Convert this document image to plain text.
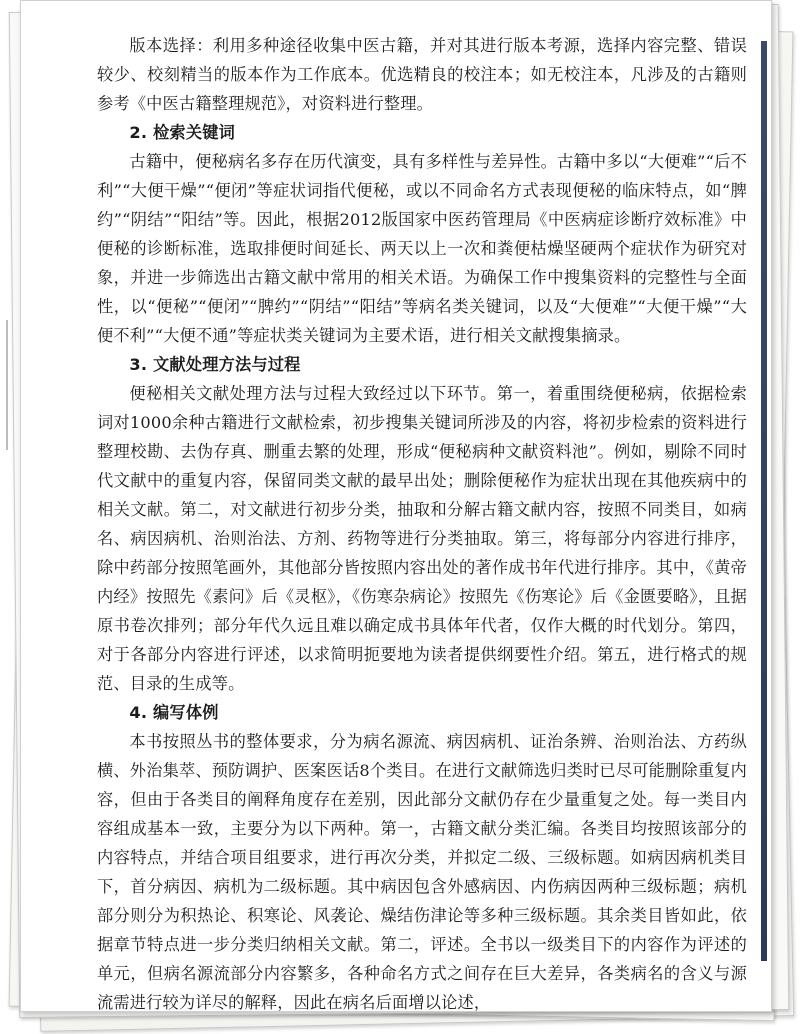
版本选择：利用多种途径收集中医古籍，并对其进行版本考源，选择内容完整、错误较少、校刻精当的版本作为工作底本。优选精良的校注本；如无校注本，凡涉及的古籍则参考《中医古籍整理规范》，对资料进行整理。

2. 检索关键词

古籍中，便秘病名多存在历代演变，具有多样性与差异性。古籍中多以“大便难”“后不利”“大便干燥”“便闭”等症状词指代便秘，或以不同命名方式表现便秘的临床特点，如“脾约”“阴结”“阳结”等。因此，根据2012版国家中医药管理局《中医病症诊断疗效标准》中便秘的诊断标准，选取排便时间延长、两天以上一次和粪便枯燥坚硬两个症状作为研究对象，并进一步筛选出古籍文献中常用的相关术语。为确保工作中搜集资料的完整性与全面性，以“便秘”“便闭”“脾约”“阴结”“阳结”等病名类关键词，以及“大便难”“大便干燥”“大便不利”“大便不通”等症状类关键词为主要术语，进行相关文献搜集摘录。

3. 文献处理方法与过程

便秘相关文献处理方法与过程大致经过以下环节。第一，着重围绕便秘病，依据检索词对1000余种古籍进行文献检索，初步搜集关键词所涉及的内容，将初步检索的资料进行整理校勘、去伪存真、删重去繁的处理，形成“便秘病种文献资料池”。例如，剔除不同时代文献中的重复内容，保留同类文献的最早出处；删除便秘作为症状出现在其他疾病中的相关文献。第二，对文献进行初步分类，抽取和分解古籍文献内容，按照不同类目，如病名、病因病机、治则治法、方剂、药物等进行分类抽取。第三，将每部分内容进行排序，除中药部分按照笔画外，其他部分皆按照内容出处的著作成书年代进行排序。其中，《黄帝内经》按照先《素问》后《灵枢》，《伤寒杂病论》按照先《伤寒论》后《金匮要略》，且据原书卷次排列；部分年代久远且难以确定成书具体年代者，仅作大概的时代划分。第四，对于各部分内容进行评述，以求简明扼要地为读者提供纲要性介绍。第五，进行格式的规范、目录的生成等。

4. 编写体例

本书按照丛书的整体要求，分为病名源流、病因病机、证治条辨、治则治法、方药纵横、外治集萃、预防调护、医案医话8个类目。在进行文献筛选归类时已尽可能删除重复内容，但由于各类目的阐释角度存在差别，因此部分文献仍存在少量重复之处。每一类目内容组成基本一致，主要分为以下两种。第一，古籍文献分类汇编。各类目均按照该部分的内容特点，并结合项目组要求，进行再次分类，并拟定二级、三级标题。如病因病机类目下，首分病因、病机为二级标题。其中病因包含外感病因、内伤病因两种三级标题；病机部分则分为积热论、积寒论、风袭论、燥结伤津论等多种三级标题。其余类目皆如此，依据章节特点进一步分类归纳相关文献。第二，评述。全书以一级类目下的内容作为评述的单元，但病名源流部分内容繁多，各种命名方式之间存在巨大差异，各类病名的含义与源流需进行较为详尽的解释，因此在病名后面增以论述，
